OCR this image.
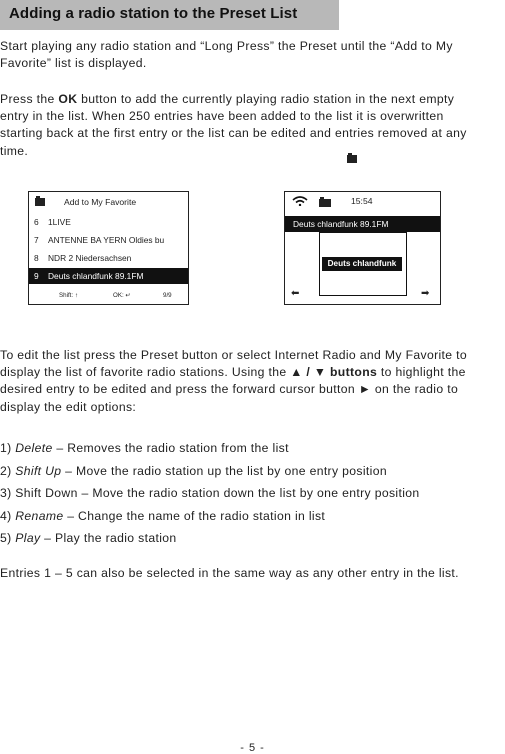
Adding a radio station to the Preset List

Start playing any radio station and “Long Press” the Preset until the “Add to My
Favorite” list is displayed.

Press the OK button to add the currently playing radio station in the next empty
entry in the list. When 250 entries have been added to the list it is overwritten
starting back at the first entry or the list can be edited and entries removed at any
time.

Add to My Favorite
6 1LIVE
7 ANTENNE BA YERN Oldies bu
8 NDR 2 Niedersachsen
9 Deuts chlandfunk 89.1FM
Shift: ↑	OK: ↵	9/9
15:54
Deuts chlandfunk 89.1FM
Deuts chlandfunk
⬅	➡

To edit the list press the Preset button or select Internet Radio and My Favorite to
display the list of favorite radio stations. Using the ▲ / ▼ buttons to highlight the
desired entry to be edited and press the forward cursor button ► on the radio to
display the edit options:

1) Delete – Removes the radio station from the list
2) Shift Up – Move the radio station up the list by one entry position
3) Shift Down – Move the radio station down the list by one entry position
4) Rename – Change the name of the radio station in list
5) Play – Play the radio station

Entries 1 – 5 can also be selected in the same way as any other entry in the list.

- 5 -
